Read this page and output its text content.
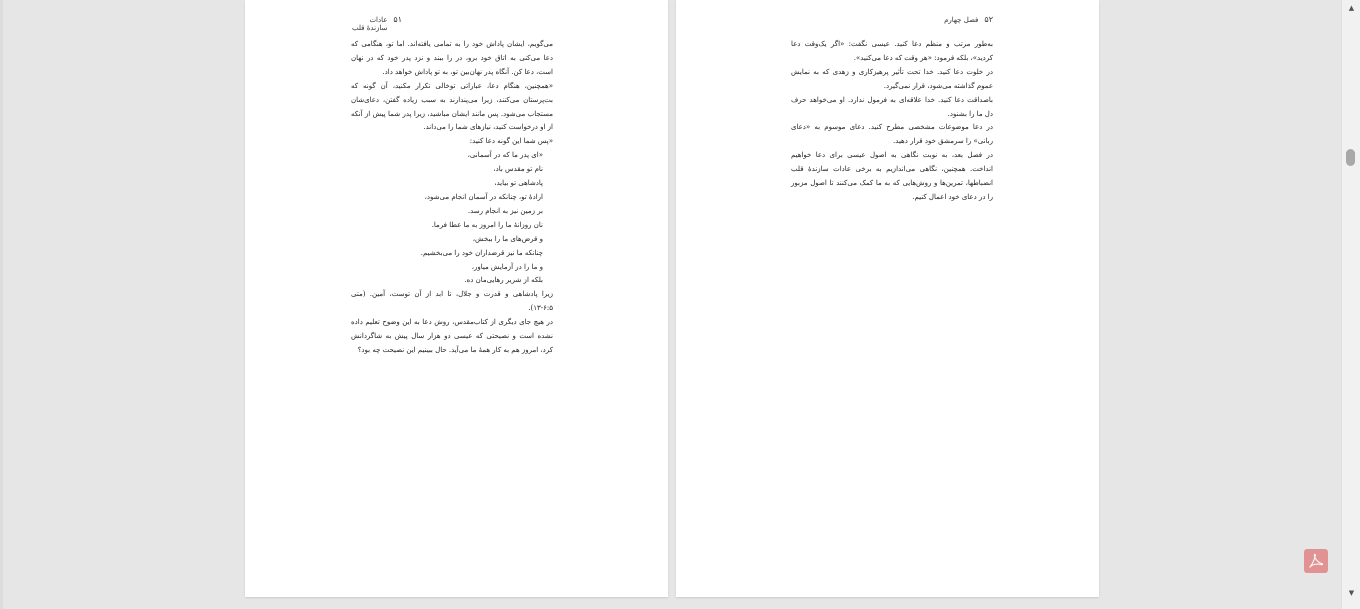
۵۱
عادات سازندهٔ قلب

می‌گویم، ایشان پاداش خود را به تمامی یافته‌اند. اما تو، هنگامی که دعا می‌کنی به اتاق خود برو، در را ببند و نزد پدر خود که در نهان است، دعا کن. آنگاه پدر نهان‌بین تو، به تو پاداش خواهد داد.

«همچنین، هنگام دعا، عباراتی توخالی تکرار مکنید، آن گونه که بت‌پرستان می‌کنند، زیرا می‌پندارند به سبب زیاده گفتن، دعای‌شان مستجاب می‌شود. پس مانند ایشان مباشید، زیرا پدر شما پیش از آنکه از او درخواست کنید، نیازهای شما را می‌داند.

«پس شما این گونه دعا کنید:

«ای پدر ما که در آسمانی،
نام تو مقدس باد،
پادشاهی تو بیاید،
ارادهٔ تو، چنانکه در آسمان انجام می‌شود،
بر زمین نیز به انجام رسد.
نان روزانهٔ ما را امروز به ما عطا فرما.
و قرض‌های ما را ببخش،
چنانکه ما نیز قرضداران خود را می‌بخشیم.
و ما را در آزمایش میاور،
بلکه از شریر رهایی‌مان ده.

زیرا پادشاهی و قدرت و جلال، تا ابد از آن توست، آمین. (متی ۶:۵-۱۳).

در هیچ جای دیگری از کتاب‌مقدس، روش دعا به این وضوح تعلیم داده نشده است و نصیحتی که عیسی دو هزار سال پیش به شاگردانش کرد، امروز هم به کار همهٔ ما می‌آید. حال ببینیم این نصیحت چه بود؟

۵۲
فصل چهارم

به‌طور مرتب و منظم دعا کنید. عیسی نگفت: «اگر یک‌وقت دعا کردید»، بلکه فرمود: «هر وقت که دعا می‌کنید».

در خلوت دعا کنید. خدا تحت تأثیر پرهیزکاری و زهدی که به نمایش عموم گذاشته می‌شود، قرار نمی‌گیرد.

باصداقت دعا کنید. خدا علاقه‌ای به فرمول ندارد. او می‌خواهد حرف دل ما را بشنود.

در دعا موضوعات مشخصی مطرح کنید. دعای موسوم به «دعای ربانی» را سرمشق خود قرار دهید.

در فصل بعد، به نوبت نگاهی به اصول عیسی برای دعا خواهیم انداخت. همچنین، نگاهی می‌اندازیم به برخی عادات سازندهٔ قلب انضباطها، تمرین‌ها و روش‌هایی که به ما کمک می‌کنند تا اصول مزبور را در دعای خود اعمال کنیم.

▲
▼
